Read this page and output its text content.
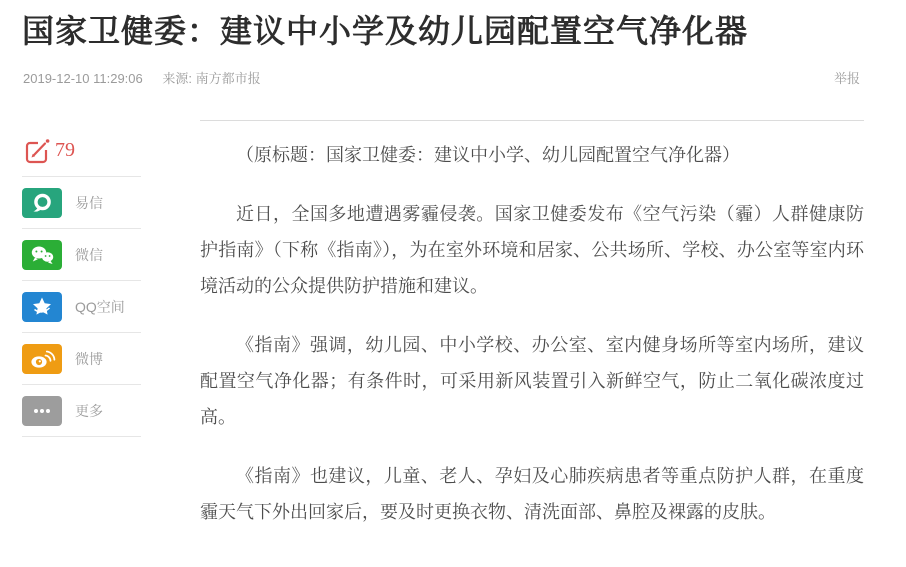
国家卫健委：建议中小学及幼儿园配置空气净化器
2019-12-10 11:29:06 来源: 南方都市报	举报
79
易信
微信
QQ空间
微博
更多

（原标题：国家卫健委：建议中小学、幼儿园配置空气净化器）

近日，全国多地遭遇雾霾侵袭。国家卫健委发布《空气污染（霾）人群健康防护指南》（下称《指南》），为在室外环境和居家、公共场所、学校、办公室等室内环境活动的公众提供防护措施和建议。

《指南》强调，幼儿园、中小学校、办公室、室内健身场所等室内场所，建议配置空气净化器；有条件时，可采用新风装置引入新鲜空气，防止二氧化碳浓度过高。

《指南》也建议，儿童、老人、孕妇及心肺疾病患者等重点防护人群，在重度霾天气下外出回家后，要及时更换衣物、清洗面部、鼻腔及裸露的皮肤。
